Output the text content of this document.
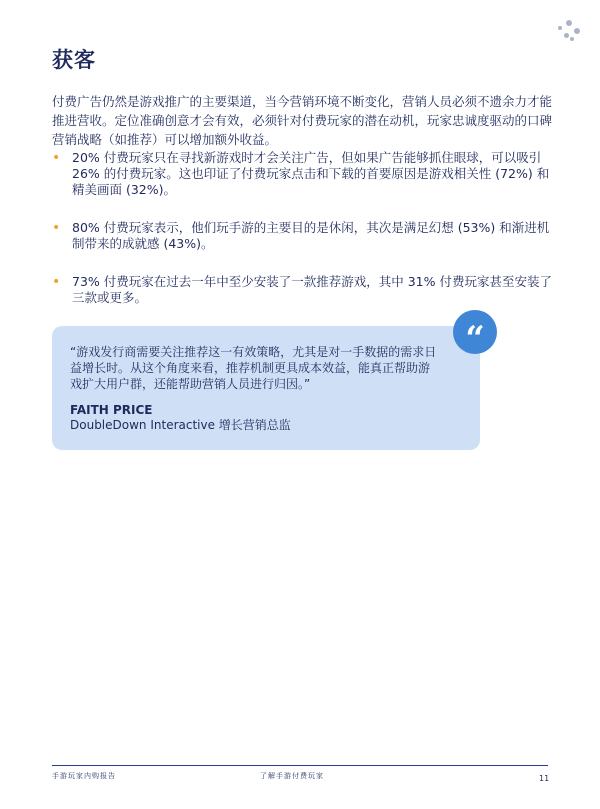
获客

付费广告仍然是游戏推广的主要渠道，当今营销环境不断变化，营销人员必须不遗余力才能推进营收。定位准确创意才会有效，必须针对付费玩家的潜在动机，玩家忠诚度驱动的口碑营销战略（如推荐）可以增加额外收益。

• 20% 付费玩家只在寻找新游戏时才会关注广告，但如果广告能够抓住眼球，可以吸引 26% 的付费玩家。这也印证了付费玩家点击和下载的首要原因是游戏相关性 (72%) 和精美画面 (32%)。
• 80% 付费玩家表示，他们玩手游的主要目的是休闲，其次是满足幻想 (53%) 和渐进机制带来的成就感 (43%)。
• 73% 付费玩家在过去一年中至少安装了一款推荐游戏，其中 31% 付费玩家甚至安装了三款或更多。
“

“游戏发行商需要关注推荐这一有效策略，尤其是对一手数据的需求日益增长时。从这个角度来看，推荐机制更具成本效益，能真正帮助游戏扩大用户群，还能帮助营销人员进行归因。”

FAITH PRICE

DoubleDown Interactive 增长营销总监

手游玩家内购报告	了解手游付费玩家	11
